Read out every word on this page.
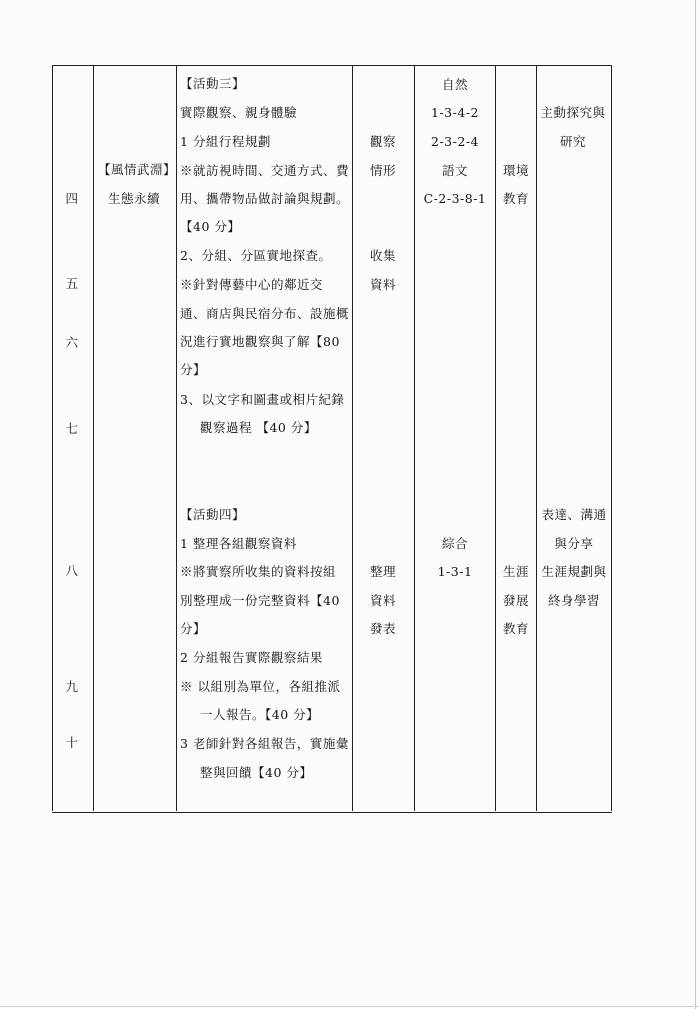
四
五
六
七
八
九
十
【風情武淵】
生態永續
【活動三】
實際觀察、親身體驗
1 分組行程規劃
※就訪視時間、交通方式、費
用、攜帶物品做討論與規劃。
【40 分】
2、分組、分區實地探查。
※針對傳藝中心的鄰近交
通、商店與民宿分布、設施概
況進行實地觀察與了解【80
分】
3、以文字和圖畫或相片紀錄
觀察過程 【40 分】
觀察
情形
收集
資料
自然
1-3-4-2
2-3-2-4
語文
C-2-3-8-1
環境
教育
主動探究與
研究
【活動四】
1 整理各組觀察資料
※將實察所收集的資料按組
別整理成一份完整資料【40
分】
2 分組報告實際觀察結果
※ 以組別為單位，各組推派
一人報告。【40 分】
3 老師針對各組報告，實施彙
整與回饋【40 分】
整理
資料
發表
綜合
1-3-1 生涯
發展
教育
表達、溝通
與分享
生涯規劃與
終身學習
